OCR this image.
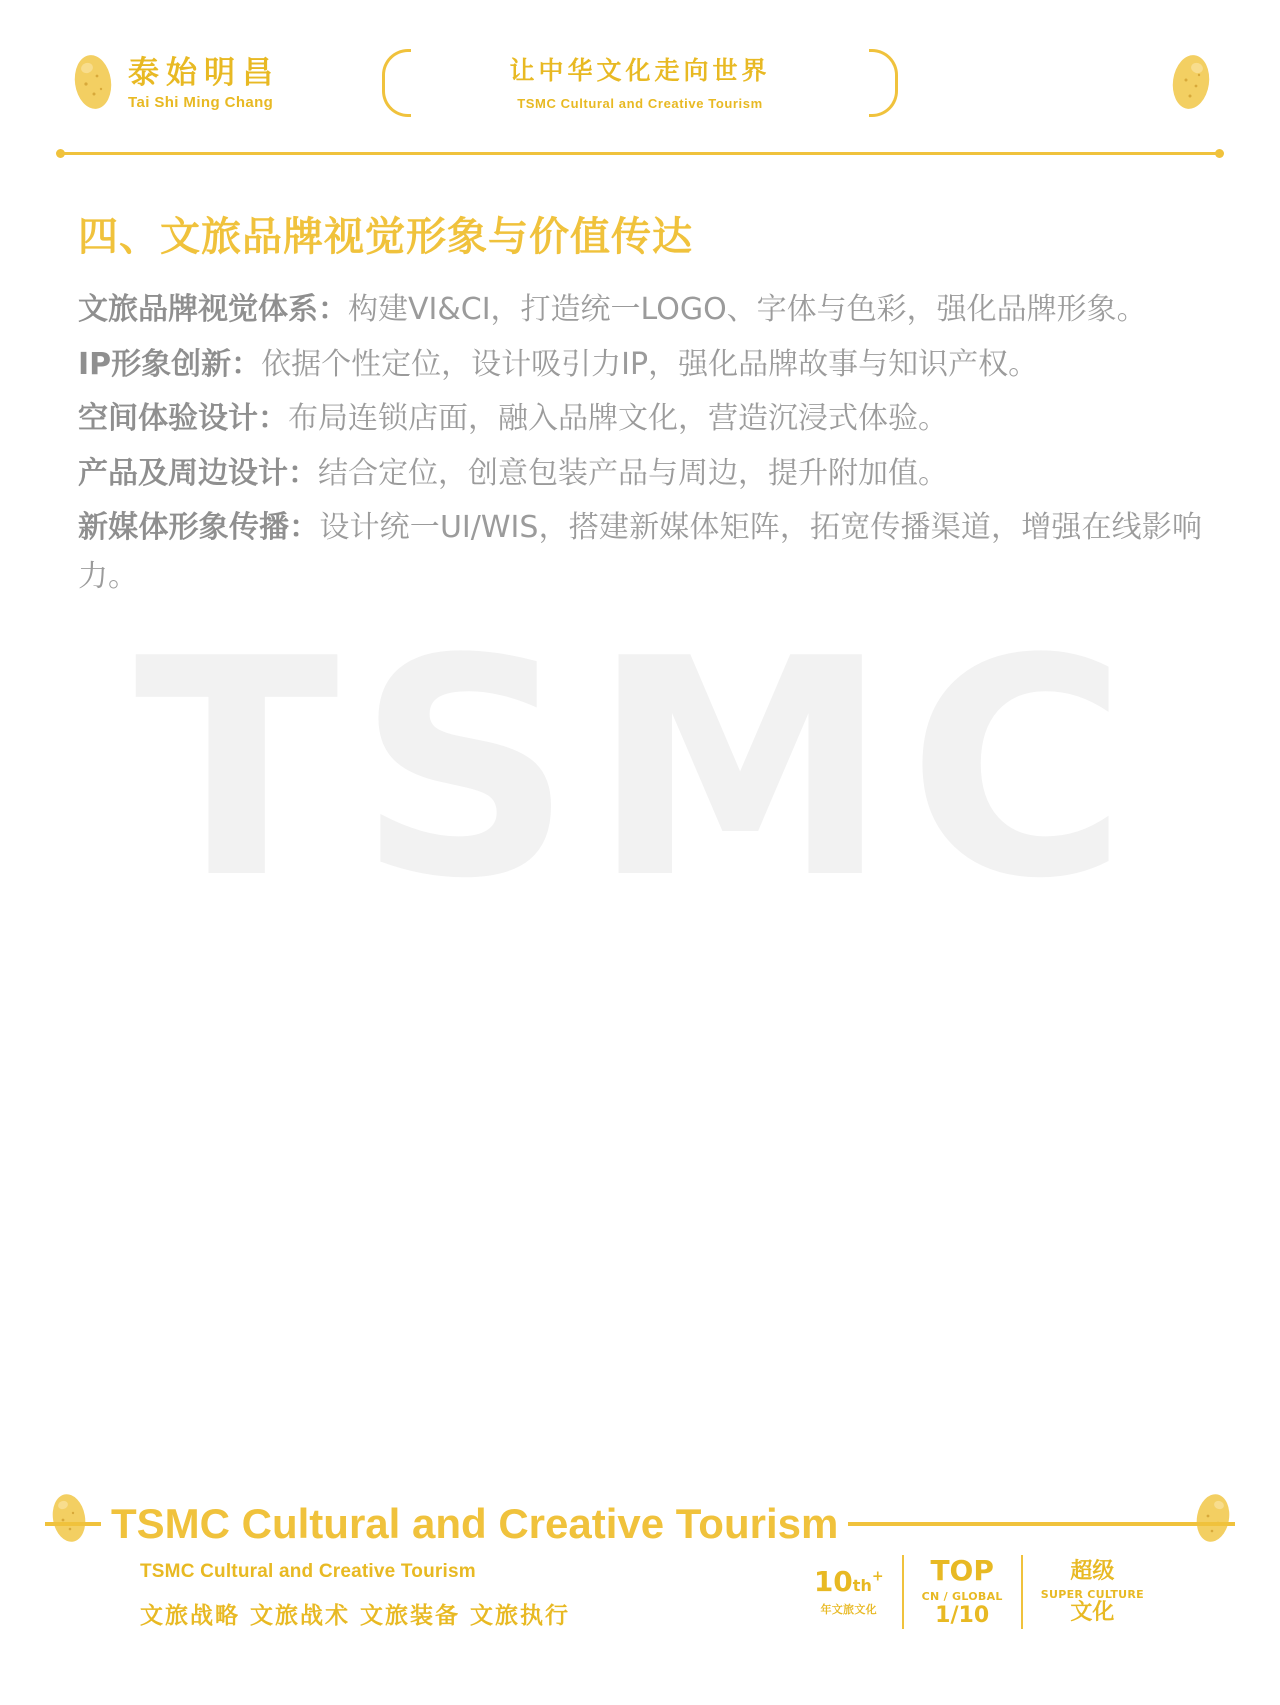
TSMC
泰始明昌
Tai Shi Ming Chang
让中华文化走向世界
TSMC Cultural and Creative Tourism
四、文旅品牌视觉形象与价值传达

文旅品牌视觉体系：构建VI&CI，打造统一LOGO、字体与色彩，强化品牌形象。

IP形象创新：依据个性定位，设计吸引力IP，强化品牌故事与知识产权。

空间体验设计：布局连锁店面，融入品牌文化，营造沉浸式体验。

产品及周边设计：结合定位，创意包装产品与周边，提升附加值。

新媒体形象传播：设计统一UI/WIS，搭建新媒体矩阵，拓宽传播渠道，增强在线影响力。

TSMC Cultural and Creative Tourism
TSMC Cultural and Creative Tourism
文旅战略 文旅战术 文旅装备 文旅执行
10th+
年文旅文化
TOP
CN / GLOBAL
1/10
超级
SUPER CULTURE
文化
